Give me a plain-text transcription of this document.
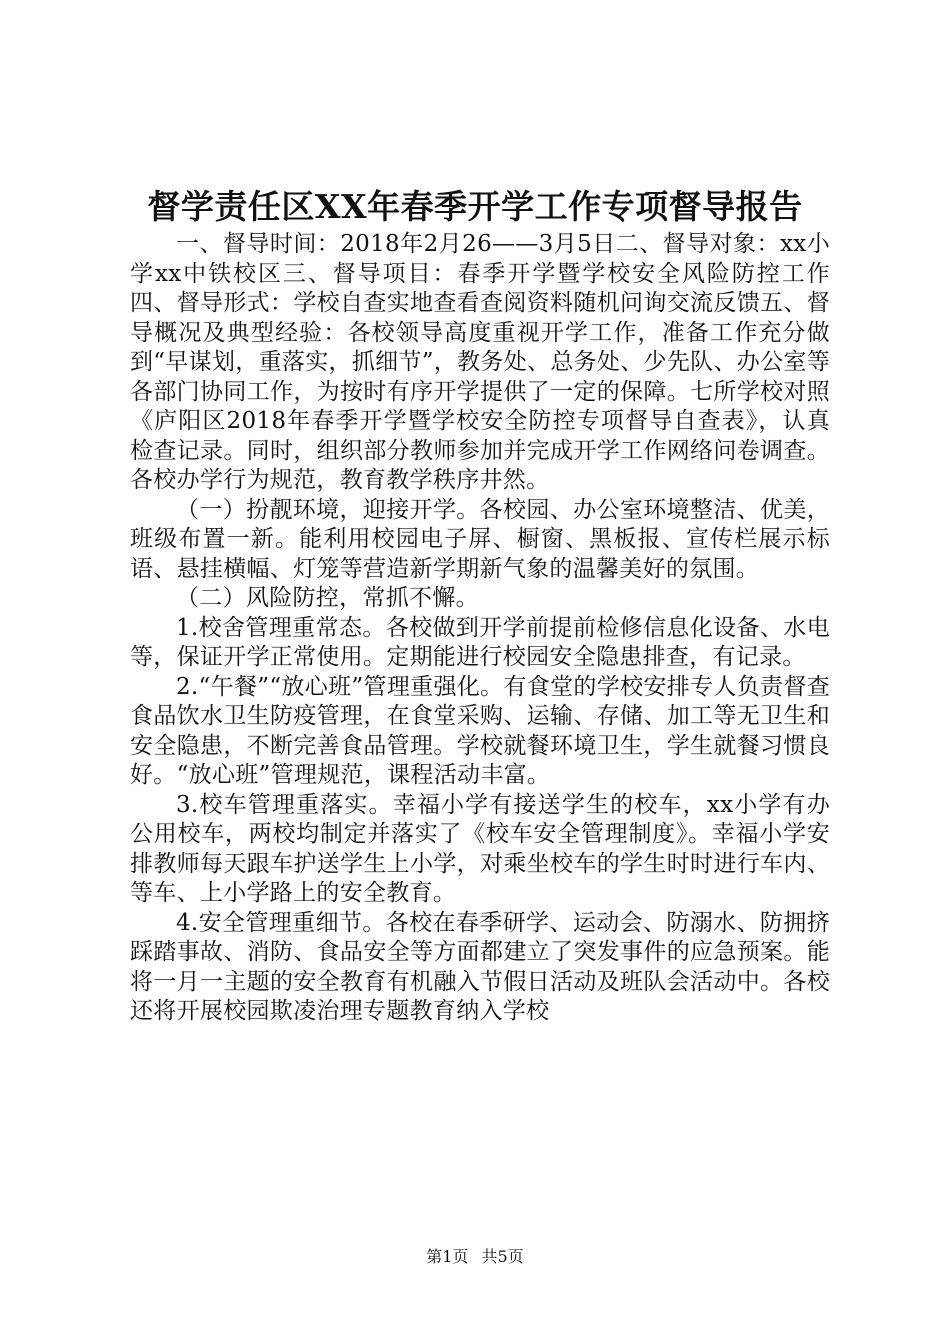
督学责任区XX年春季开学工作专项督导报告

一、督导时间：2018年2月26——3月5日二、督导对象：xx小学xx中铁校区三、督导项目：春季开学暨学校安全风险防控工作四、督导形式：学校自查实地查看查阅资料随机问询交流反馈五、督导概况及典型经验：各校领导高度重视开学工作，准备工作充分做到“早谋划，重落实，抓细节”，教务处、总务处、少先队、办公室等各部门协同工作，为按时有序开学提供了一定的保障。七所学校对照《庐阳区2018年春季开学暨学校安全防控专项督导自查表》，认真检查记录。同时，组织部分教师参加并完成开学工作网络问卷调查。各校办学行为规范，教育教学秩序井然。

（一）扮靓环境，迎接开学。各校园、办公室环境整洁、优美，班级布置一新。能利用校园电子屏、橱窗、黑板报、宣传栏展示标语、悬挂横幅、灯笼等营造新学期新气象的温馨美好的氛围。

（二）风险防控，常抓不懈。

1.校舍管理重常态。各校做到开学前提前检修信息化设备、水电等，保证开学正常使用。定期能进行校园安全隐患排查，有记录。

2.“午餐”“放心班”管理重强化。有食堂的学校安排专人负责督查食品饮水卫生防疫管理，在食堂采购、运输、存储、加工等无卫生和安全隐患，不断完善食品管理。学校就餐环境卫生，学生就餐习惯良好。“放心班”管理规范，课程活动丰富。

3.校车管理重落实。幸福小学有接送学生的校车，xx小学有办公用校车，两校均制定并落实了《校车安全管理制度》。幸福小学安排教师每天跟车护送学生上小学，对乘坐校车的学生时时进行车内、等车、上小学路上的安全教育。

4.安全管理重细节。各校在春季研学、运动会、防溺水、防拥挤踩踏事故、消防、食品安全等方面都建立了突发事件的应急预案。能将一月一主题的安全教育有机融入节假日活动及班队会活动中。各校还将开展校园欺凌治理专题教育纳入学校

第1页 共5页
